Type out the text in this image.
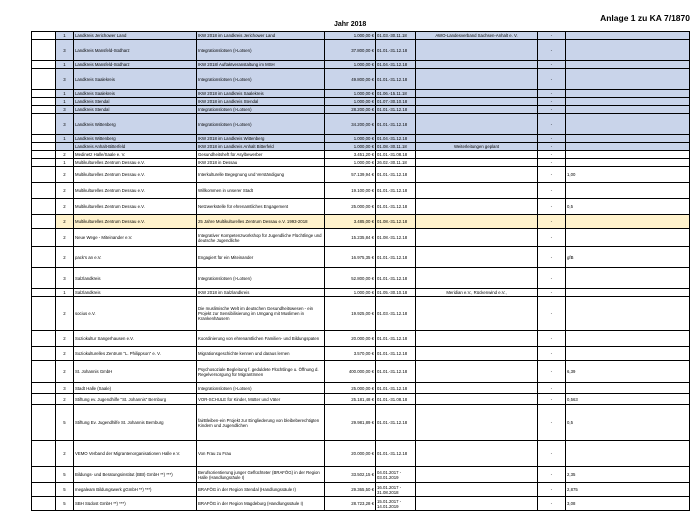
Anlage 1 zu KA 7/1870
Jahr 2018
	1	Landkreis Jerichower Land	IKW 2018 im Landkreis Jerichower Land	1.000,00 €	01.03.-30.11.18	AWO-Landesverband Sachsen-Anhalt e. V.	-		
	3	Landkreis Mansfeld-Südharz	Integrationslotsen (I-Lotsen)	37.800,00 €	01.01.-31.12.18		-		
	1	Landkreis Mansfeld-Südharz	IKW 2018/ Auftaktveranstaltung im MSH	1.000,00 €	01.04.-31.12.18		-		
	3	Landkreis Saalekreis	Integrationslotsen (I-Lotsen)	49.800,00 €	01.01.-31.12.18		-		
	1	Landkreis Saalekreis	IKW 2018 im Landkreis Saalekreis	1.000,00 €	01.06.-15.11.18		-		
	1	Landkreis Stendal	IKW 2018 im Landkreis Stendal	1.000,00 €	01.07.-30.10.18		-		
	3	Landkreis Stendal	Integrationslotsen (I-Lotsen)	28.200,00 €	01.01.-31.12.18		-		
	3	Landkreis Wittenberg	Integrationslotsen (I-Lotsen)	34.200,00 €	01.01.-31.12.18		-		
	1	Landkreis Wittenberg	IKW 2018 im Landkreis Wittenberg	1.000,00 €	01.04.-31.12.18		-		
		Landkreis Anhalt-Bitterfeld	IKW 2018 im Landkreis Anhalt Bitterfeld	1.000,00 €	01.08.-30.11.18	Weiterleitungen geplant	-		
	2	Medinetz Halle/Saale e. V.	Gesundheitsheft für Asylbewerber	3.451,20 €	01.01.-31.08.18		-		
	1	Multikulturelles Zentrum Dessau e.V.	IKW 2018 in Dessau	1.000,00 €	26.02.-30.11.18		-		
	2	Multikulturelles Zentrum Dessau e.V.	Interkulturelle Begegnung und Verständigung	57.139,94 €	01.01.-31.12.18		-	1,00	
	2	Multikulturelles Zentrum Dessau e.V.	Willkommen in unserer Stadt	19.100,00 €	01.01.-31.12.18		-		
	2	Multikulturelles Zentrum Dessau e.V.	Netzwerkstelle für ehrenamtliches Engagement	25.000,00 €	01.01.-31.12.18		-	0,5	
	2	Multikulturelles Zentrum Dessau e.V.	25 Jahre Multikulturelles Zentrum Dessau e.V. 1993-2018	3.485,00 €	01.08.-31.12.18		-		
	2	Neue Wege - Miteinander e.V.	Integrativer Kompetenzworkshop für Jugendliche Flüchtlinge und deutsche Jugendliche	15.235,84 €	01.08.-31.12.18		-		
	2	pack's an e.V.	Engagiert für ein Miteinander	16.975,35 €	01.01.-31.12.18		-	gfB	
	3	Salzlandkreis	Integrationslotsen (I-Lotsen)	52.800,00 €	01.01.-31.12.18		-		
	1	Salzlandkreis	IKW 2018 im Salzlandkreis	1.000,00 €	01.05.-30.10.18	Meridian e.V., Rückenwind e.V.,	-		
	2	socius e.V.	Die muslimische Welt im deutschen Gesundheitswesen - ein Projekt zur Sensibilisierung im Umgang mit Muslimen in Krankenhäusern	19.925,00 €	01.03.-31.12.18		-		
	2	Soziokultur Sangerhausen e.V.	Koordinierung von ehrenamtlichen Familien- und Bildungspaten	20.000,00 €	01.01.-31.12.18		-		
	2	Soziokulturelles Zentrum "L. Philippson" e. V.	Migrationsgeschichte kennen und daraus lernen	3.570,00 €	01.01.-31.12.18		-		
	2	St. Johannis GmbH	Psychosoziale Begleitung f. geduldete Flüchtlinge u. Öffnung d. Regelversorgung für MigrantInnen	400.000,00 €	01.01.-31.12.18		-	6,39	
	3	Stadt Halle (Saale)	Integrationslotsen (I-Lotsen)	25.000,00 €	01.01.-31.12.18		-		
	2	Stiftung ev. Jugendhilfe "St. Johannis" Bernburg	VOR-SCHULE für Kinder, Mütter und Väter	25.181,48 €	01.01.-31.08.18		-	0,563	
	5	Stiftung Ev. Jugendhilfe St. Johannis Bernburg	fairBleiben-ein Projekt zur Eingliederung von bleibeberechtigten Kindern und Jugendlichen	29.981,89 €	01.01.-31.12.18		-	0,5	
	2	VEMO Verband der Migrantenorganisationen Halle e.V.	Von Frau zu Frau	20.000,00 €	01.01.-31.12.18		-		
	5	Bildungs- und Beratungsinstitut (BBI) GmbH **) ***)	Berufsorientierung junger Geflüchteter (BRAFÖG) in der Region Halle (Handlungsräule I)	33.502,15 €	04.01.2017 - 03.01.2019		-	2,35	
	5	megaleam Bildungswerk gGmbH **) ***)	BRAFÖG in der Region Stendal (Handlungssäule I)	29.365,50 €	16.01.2017 - 31.08.2018		-	2,875	
	5	SBH Südost GmbH **) ***)	BRAFÖG in der Region Magdeburg (Handlungssäule I)	28.723,28 €	15.01.2017 - 14.01.2019		-	3,08	
